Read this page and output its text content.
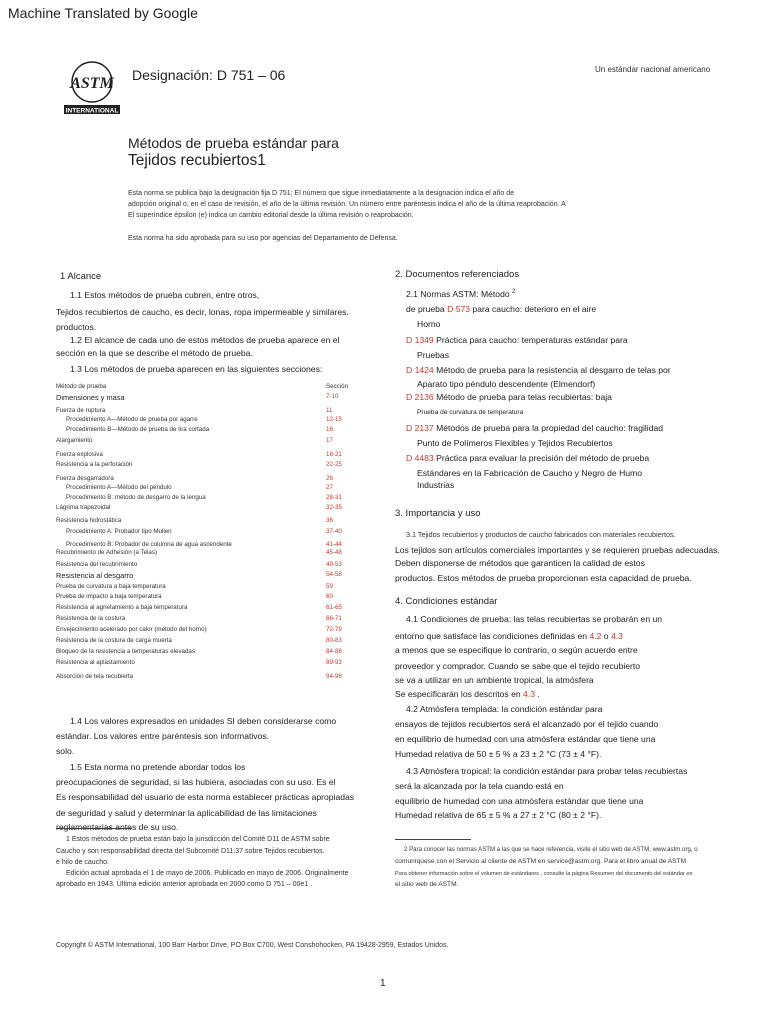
Machine Translated by Google
ASTM
INTERNATIONAL
Designación: D 751 – 06	Un estándar nacional americano
Métodos de prueba estándar para
Tejidos recubiertos1
Esta norma se publica bajo la designación fija D 751; El número que sigue inmediatamente a la designación indica el año de
adopción original o, en el caso de revisión, el año de la última revisión. Un número entre paréntesis indica el año de la última reaprobación. A
El superíndice épsilon (e) indica un cambio editorial desde la última revisión o reaprobación.
Esta norma ha sido aprobada para su uso por agencias del Departamento de Defensa.
1 Alcance
1.1 Estos métodos de prueba cubren, entre otros,
Tejidos recubiertos de caucho, es decir, lonas, ropa impermeable y similares.
productos.
1.2 El alcance de cada uno de estos métodos de prueba aparece en el
sección en la que se describe el método de prueba.
1.3 Los métodos de prueba aparecen en las siguientes secciones:
Método de prueba	Sección
Dimensiones y masa	7-10
Fuerza de ruptura	11
Procedimiento A—Método de prueba por agarre	12-15
Procedimiento B—Método de prueba de tira cortada	16
Alargamiento	17
Fuerza explosiva	18-21
Resistencia a la perforación	22-25
Fuerza desgarradora	26
Procedimiento A—Método del péndulo	27
Procedimiento B: método de desgarro de la lengua	28-31
Lágrima trapezoidal	32-35
Resistencia hidrostática	36
Procedimiento A: Probador tipo Mullen	37-40
Procedimiento B: Probador de columna de agua ascendente	41-44
Recubrimiento de Adhesión (a Telas)	45-48
Resistencia del recubrimiento	49-53
Resistencia al desgarro	54-58
Prueba de curvatura a baja temperatura	59
Prueba de impacto a baja temperatura	60
Resistencia al agrietamiento a baja temperatura	61-65
Resistencia de la costura	66-71
Envejecimiento acelerado por calor (método del horno)	72-79
Resistencia de la costura de carga muerta	80-83
Bloqueo de la resistencia a temperaturas elevadas	84-88
Resistencia al aplastamiento	89-93
Absorción de tela recubierta	94-98
1.4 Los valores expresados en unidades SI deben considerarse como
estándar. Los valores entre paréntesis son informativos.
solo.
1.5 Esta norma no pretende abordar todos los
preocupaciones de seguridad, si las hubiera, asociadas con su uso. Es el
Es responsabilidad del usuario de esta norma establecer prácticas apropiadas
de seguridad y salud y determinar la aplicabilidad de las limitaciones
reglamentarias antes de su uso.
1 Estos métodos de prueba están bajo la jurisdicción del Comité D11 de ASTM sobre
Caucho y son responsabilidad directa del Subcomité D11.37 sobre Tejidos recubiertos.
e hilo de caucho.
Edición actual aprobada el 1 de mayo de 2006. Publicado en mayo de 2006. Originalmente
aprobado en 1943. Última edición anterior aprobada en 2000 como D 751 – 00e1 .
2. Documentos referenciados
2.1 Normas ASTM: Método $^2$
de prueba D 573 para caucho: deterioro en el aire
Horno
D 1349 Práctica para caucho: temperaturas estándar para
Pruebas
D 1424 Método de prueba para la resistencia al desgarro de telas por
Aparato tipo péndulo descendente (Elmendorf)
D 2136 Método de prueba para telas recubiertas: baja
Prueba de curvatura de temperatura
D 2137 Métodos de prueba para la propiedad del caucho: fragilidad
Punto de Polímeros Flexibles y Tejidos Recubiertos
D 4483 Práctica para evaluar la precisión del método de prueba
Estándares en la Fabricación de Caucho y Negro de Humo
Industrias
3. Importancia y uso
3.1 Tejidos recubiertos y productos de caucho fabricados con materiales recubiertos.
Los tejidos son artículos comerciales importantes y se requieren pruebas adecuadas.
Deben disponerse de métodos que garanticen la calidad de estos
productos. Estos métodos de prueba proporcionan esta capacidad de prueba.
4. Condiciones estándar
4.1 Condiciones de prueba: las telas recubiertas se probarán en un
entorno que satisface las condiciones definidas en 4.2 o 4.3
a menos que se especifique lo contrario, o según acuerdo entre
proveedor y comprador. Cuando se sabe que el tejido recubierto
se va a utilizar en un ambiente tropical, la atmósfera
Se especificarán los descritos en 4.3 .
4.2 Atmósfera templada: la condición estándar para
ensayos de tejidos recubiertos será el alcanzado por el tejido cuando
en equilibrio de humedad con una atmósfera estándar que tiene una
Humedad relativa de 50 ± 5 % a 23 ± 2 °C (73 ± 4 °F).
4.3 Atmósfera tropical: la condición estándar para probar telas recubiertas
será la alcanzada por la tela cuando está en
equilibrio de humedad con una atmósfera estándar que tiene una
Humedad relativa de 65 ± 5 % a 27 ± 2 °C (80 ± 2 °F).
2 Para conocer las normas ASTM a las que se hace referencia, visite el sitio web de ASTM, www.astm.org, o
comuníquese con el Servicio al cliente de ASTM en service@astm.org. Para el libro anual de ASTM
Para obtener información sobre el volumen de estándares , consulte la página Resumen del documento del estándar en
el sitio web de ASTM.
Copyright © ASTM International, 100 Barr Harbor Drive, PO Box C700, West Conshohocken, PA 19428-2959, Estados Unidos.
1
